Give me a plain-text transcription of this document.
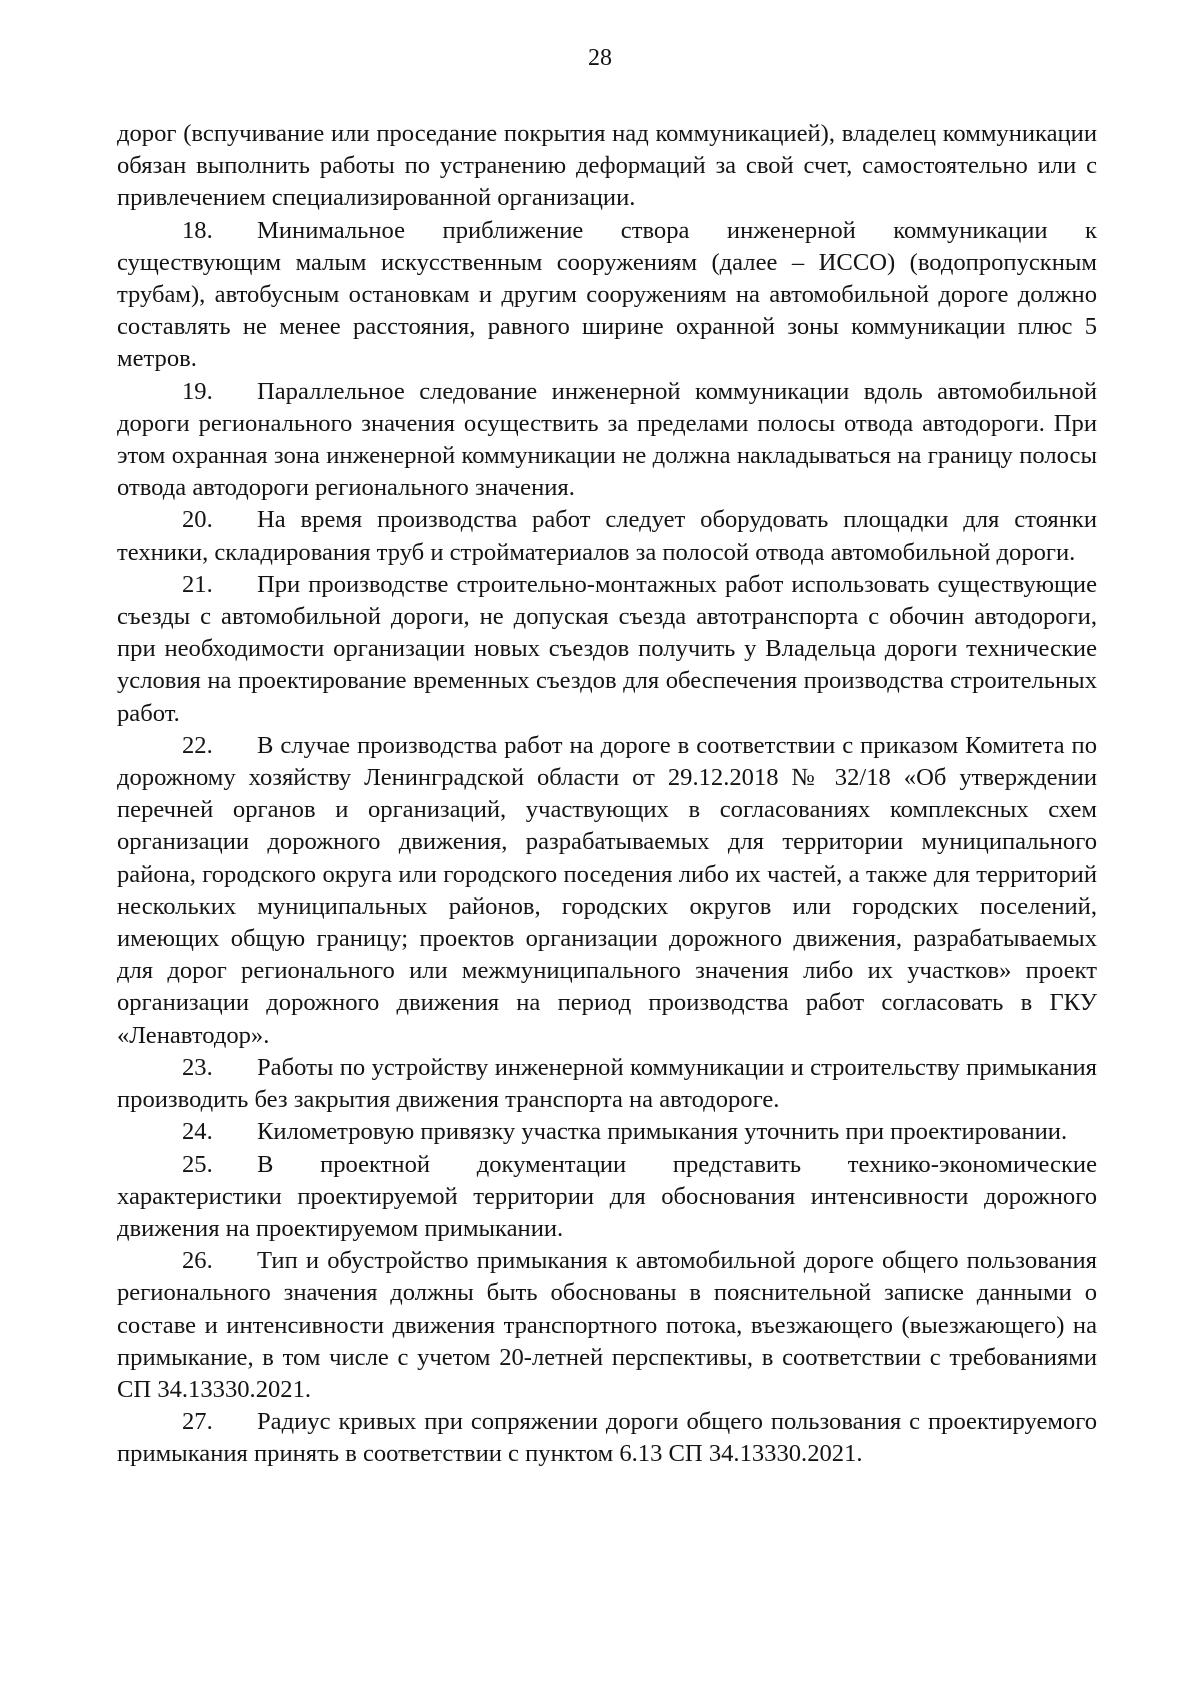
28

дорог (вспучивание или проседание покрытия над коммуникацией), владелец коммуникации обязан выполнить работы по устранению деформаций за свой счет, самостоятельно или с привлечением специализированной организации.

18. Минимальное приближение створа инженерной коммуникации к существующим малым искусственным сооружениям (далее – ИССО) (водопропускным трубам), автобусным остановкам и другим сооружениям на автомобильной дороге должно составлять не менее расстояния, равного ширине охранной зоны коммуникации плюс 5 метров.

19. Параллельное следование инженерной коммуникации вдоль автомобильной дороги регионального значения осуществить за пределами полосы отвода автодороги. При этом охранная зона инженерной коммуникации не должна накладываться на границу полосы отвода автодороги регионального значения.

20. На время производства работ следует оборудовать площадки для стоянки техники, складирования труб и стройматериалов за полосой отвода автомобильной дороги.

21. При производстве строительно-монтажных работ использовать существующие съезды с автомобильной дороги, не допуская съезда автотранспорта с обочин автодороги, при необходимости организации новых съездов получить у Владельца дороги технические условия на проектирование временных съездов для обеспечения производства строительных работ.

22. В случае производства работ на дороге в соответствии с приказом Комитета по дорожному хозяйству Ленинградской области от 29.12.2018 № 32/18 «Об утверждении перечней органов и организаций, участвующих в согласованиях комплексных схем организации дорожного движения, разрабатываемых для территории муниципального района, городского округа или городского поседения либо их частей, а также для территорий нескольких муниципальных районов, городских округов или городских поселений, имеющих общую границу; проектов организации дорожного движения, разрабатываемых для дорог регионального или межмуниципального значения либо их участков» проект организации дорожного движения на период производства работ согласовать в ГКУ «Ленавтодор».

23. Работы по устройству инженерной коммуникации и строительству примыкания производить без закрытия движения транспорта на автодороге.

24. Километровую привязку участка примыкания уточнить при проектировании.

25. В проектной документации представить технико-экономические характеристики проектируемой территории для обоснования интенсивности дорожного движения на проектируемом примыкании.

26. Тип и обустройство примыкания к автомобильной дороге общего пользования регионального значения должны быть обоснованы в пояснительной записке данными о составе и интенсивности движения транспортного потока, въезжающего (выезжающего) на примыкание, в том числе с учетом 20-летней перспективы, в соответствии с требованиями СП 34.13330.2021.

27. Радиус кривых при сопряжении дороги общего пользования с проектируемого примыкания принять в соответствии с пунктом 6.13 СП 34.13330.2021.
